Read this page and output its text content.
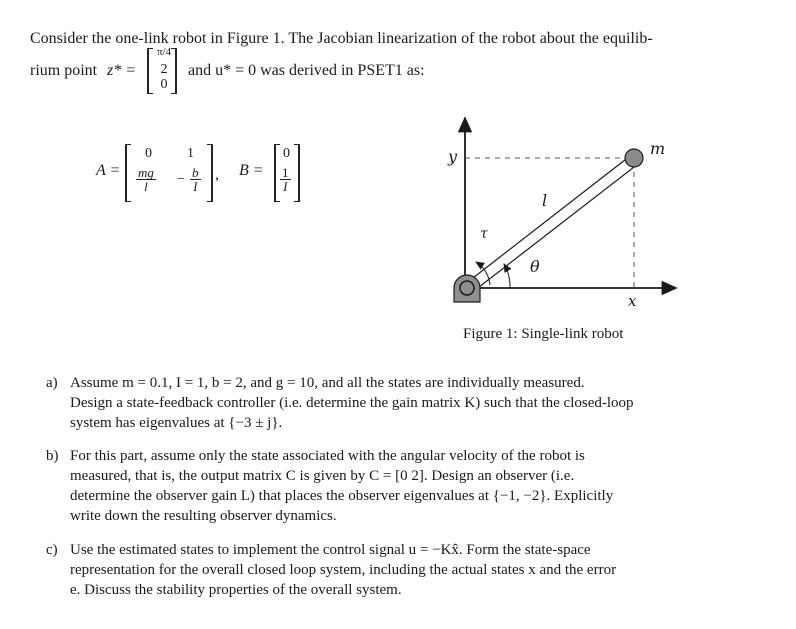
Consider the one-link robot in Figure 1. The Jacobian linearization of the robot about the equilib-
rium point z* =
π/4
2
0
and u* = 0 was derived in PSET1 as:
A =
0	1
$\frac{mg}{l} - \frac{b}{I}$ , B =
0
$\frac{1}{I}$
y
x
m
l
τ
θ
Figure 1: Single-link robot
a) Assume m = 0.1, I = 1, b = 2, and g = 10, and all the states are individually measured.
Design a state-feedback controller (i.e. determine the gain matrix K) such that the closed-loop
system has eigenvalues at {−3 ± j}.
b) For this part, assume only the state associated with the angular velocity of the robot is
measured, that is, the output matrix C is given by C = [0 2]. Design an observer (i.e.
determine the observer gain L) that places the observer eigenvalues at {−1, −2}. Explicitly
write down the resulting observer dynamics.
c) Use the estimated states to implement the control signal u = −Kx̂. Form the state-space
representation for the overall closed loop system, including the actual states x and the error
e. Discuss the stability properties of the overall system.
